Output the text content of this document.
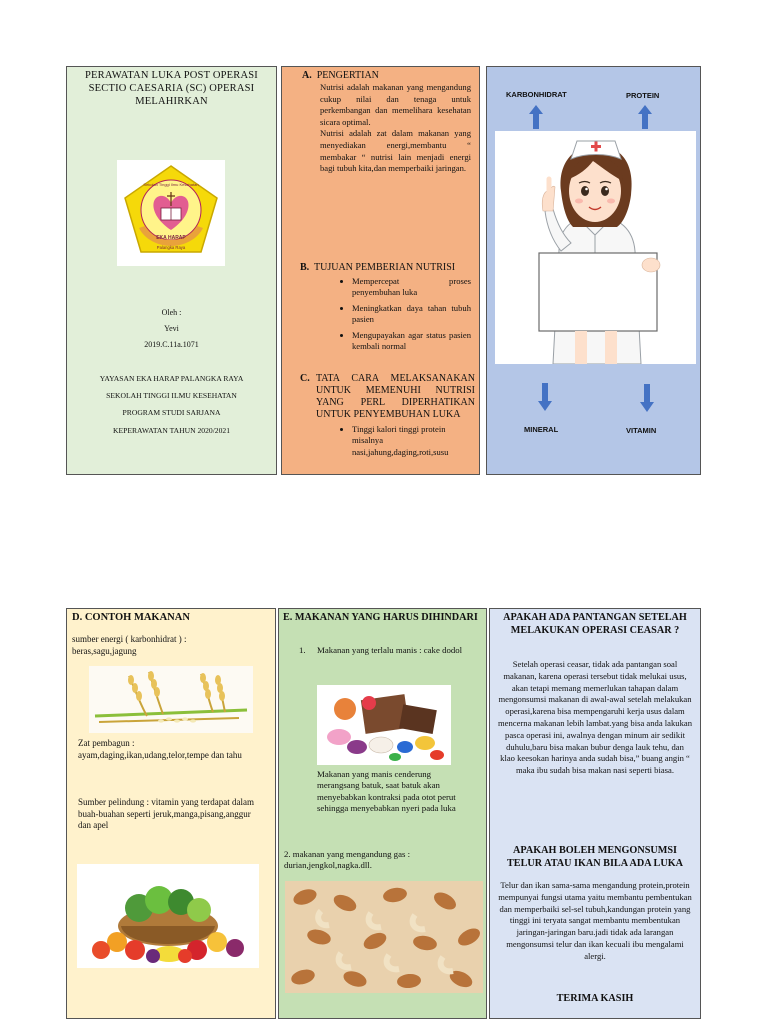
PERAWATAN LUKA POST OPERASI SECTIO CAESARIA (SC) OPERASI MELAHIRKAN
EKA HARAP
Palangka Raya
Sekolah Tinggi Ilmu Kesehatan
Oleh :
Yevi
2019.C.11a.1071
YAYASAN EKA HARAP PALANGKA RAYA
SEKOLAH TINGGI ILMU KESEHATAN
PROGRAM STUDI SARJANA
KEPERAWATAN TAHUN 2020/2021
A. PENGERTIAN
Nutrisi adalah makanan yang mengandung cukup nilai dan tenaga untuk perkembangan dan memelihara kesehatan sicara optimal.
Nutrisi adalah zat dalam makanan yang menyediakan energi,membantu “ membakar “ nutrisi lain menjadi energi bagi tubuh kita,dan memperbaiki jaringan.
B. TUJUAN PEMBERIAN NUTRISI
• Mempercepat proses penyembuhan luka
• Meningkatkan daya tahan tubuh pasien
• Mengupayakan agar status pasien kembali normal
C. TATA CARA MELAKSANAKAN UNTUK MEMENUHI NUTRISI YANG PERL DIPERHATIKAN UNTUK PENYEMBUHAN LUKA
• Tinggi kalori tinggi protein misalnya nasi,jahung,daging,roti,susu
KARBONHIDRAT	PROTEIN
MINERAL	VITAMIN
D. CONTOH MAKANAN
sumber energi ( karbonhidrat ) : beras,sagu,jagung
Zat pembagun : ayam,daging,ikan,udang,telor,tempe dan tahu
Sumber pelindung : vitamin yang terdapat dalam buah-buahan seperti jeruk,manga,pisang,anggur dan apel
E. MAKANAN YANG HARUS DIHINDARI
1.	Makanan yang terlalu manis : cake dodol
Makanan yang manis cenderung merangsang batuk, saat batuk akan menyebabkan kontraksi pada otot perut sehingga menyebabkan nyeri pada luka
2. makanan yang mengandung gas : durian,jengkol,nagka.dll.
APAKAH ADA PANTANGAN SETELAH MELAKUKAN OPERASI CEASAR ?
Setelah operasi ceasar, tidak ada pantangan soal makanan, karena operasi tersebut tidak melukai usus, akan tetapi memang memerlukan tahapan dalam mengonsumsi makanan di awal-awal setelah melakukan operasi,karena bisa mempengaruhi kerja usus dalam mencerna makanan lebih lambat.yang bisa anda lakukan pasca operasi ini, awalnya dengan minum air sedikit duhulu,baru bisa makan bubur denga lauk tehu, dan klao keesokan harinya anda sudah bisa,” buang angin “ maka ibu sudah bisa makan nasi seperti biasa.
APAKAH BOLEH MENGONSUMSI TELUR ATAU IKAN BILA ADA LUKA
Telur dan ikan sama-sama mengandung protein,protein mempunyai fungsi utama yaitu membantu pembentukan dan memperbaiki sel-sel tubuh,kandungan protein yang tinggi ini teryata sangat membantu membentukan jaringan-jaringan baru.jadi tidak ada larangan mengonsumsi telur dan ikan kecuali ibu mengalami alergi.
TERIMA KASIH
